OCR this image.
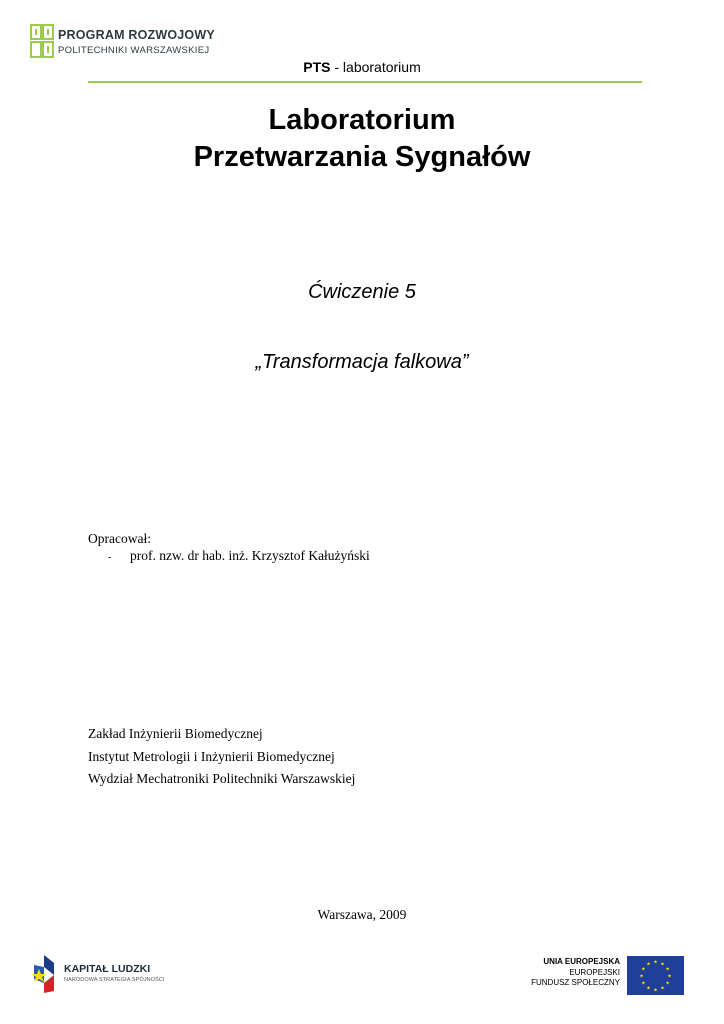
PROGRAM ROZWOJOWY
POLITECHNIKI WARSZAWSKIEJ
PTS - laboratorium
Laboratorium
Przetwarzania Sygnałów
Ćwiczenie 5
„Transformacja falkowa”
Opracował:
- prof. nzw. dr hab. inż. Krzysztof Kałużyński
Zakład Inżynierii Biomedycznej
Instytut Metrologii i Inżynierii Biomedycznej
Wydział Mechatroniki Politechniki Warszawskiej
Warszawa, 2009
KAPITAŁ LUDZKI
NARODOWA STRATEGIA SPÓJNOŚCI
UNIA EUROPEJSKA
EUROPEJSKI
FUNDUSZ SPOŁECZNY
★ ★
★
★
★
★
★
★
★
★
★
★
